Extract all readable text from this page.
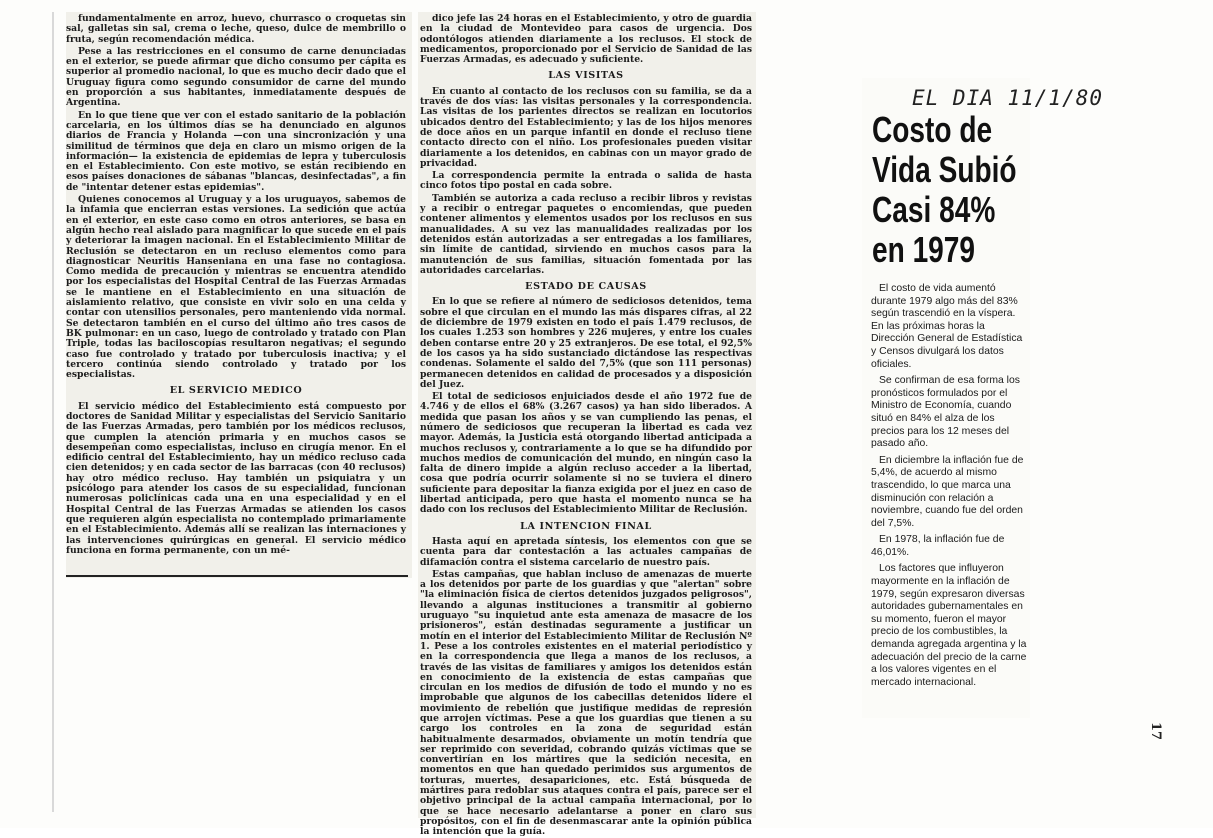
fundamentalmente en arroz, huevo, churrasco o croquetas sin sal, galletas sin sal, crema o leche, queso, dulce de membrillo o fruta, según recomendación médica.

Pese a las restricciones en el consumo de carne denunciadas en el exterior, se puede afirmar que dicho consumo per cápita es superior al promedio nacional, lo que es mucho decir dado que el Uruguay figura como segundo consumidor de carne del mundo en proporción a sus habitantes, inmediatamente después de Argentina.

En lo que tiene que ver con el estado sanitario de la población carcelaria, en los últimos días se ha denunciado en algunos diarios de Francia y Holanda —con una sincronización y una similitud de términos que deja en claro un mismo origen de la información— la existencia de epidemias de lepra y tuberculosis en el Establecimiento. Con este motivo, se están recibiendo en esos países donaciones de sábanas "blancas, desinfectadas", a fin de "intentar detener estas epidemias".

Quienes conocemos al Uruguay y a los uruguayos, sabemos de la infamia que encierran estas versiones. La sedición que actúa en el exterior, en este caso como en otros anteriores, se basa en algún hecho real aislado para magnificar lo que sucede en el país y deteriorar la imagen nacional. En el Establecimiento Militar de Reclusión se detectaron en un recluso elementos como para diagnosticar Neuritis Hanseniana en una fase no contagiosa. Como medida de precaución y mientras se encuentra atendido por los especialistas del Hospital Central de las Fuerzas Armadas se le mantiene en el Establecimiento en una situación de aislamiento relativo, que consiste en vivir solo en una celda y contar con utensilios personales, pero manteniendo vida normal. Se detectaron también en el curso del último año tres casos de BK pulmonar: en un caso, luego de controlado y tratado con Plan Triple, todas las baciloscopías resultaron negativas; el segundo caso fue controlado y tratado por tuberculosis inactiva; y el tercero continúa siendo controlado y tratado por los especialistas.

EL SERVICIO MEDICO

El servicio médico del Establecimiento está compuesto por doctores de Sanidad Militar y especialistas del Servicio Sanitario de las Fuerzas Armadas, pero también por los médicos reclusos, que cumplen la atención primaria y en muchos casos se desempeñan como especialistas, incluso en cirugía menor. En el edificio central del Establecimiento, hay un médico recluso cada cien detenidos; y en cada sector de las barracas (con 40 reclusos) hay otro médico recluso. Hay también un psiquiatra y un psicólogo para atender los casos de su especialidad, funcionan numerosas policlínicas cada una en una especialidad y en el Hospital Central de las Fuerzas Armadas se atienden los casos que requieren algún especialista no contemplado primariamente en el Establecimiento. Además allí se realizan las internaciones y las intervenciones quirúrgicas en general. El servicio médico funciona en forma permanente, con un mé-

dico jefe las 24 horas en el Establecimiento, y otro de guardia en la ciudad de Montevideo para casos de urgencia. Dos odontólogos atienden diariamente a los reclusos. El stock de medicamentos, proporcionado por el Servicio de Sanidad de las Fuerzas Armadas, es adecuado y suficiente.

LAS VISITAS

En cuanto al contacto de los reclusos con su familia, se da a través de dos vías: las visitas personales y la correspondencia. Las visitas de los parientes directos se realizan en locutorios ubicados dentro del Establecimiento; y las de los hijos menores de doce años en un parque infantil en donde el recluso tiene contacto directo con el niño. Los profesionales pueden visitar diariamente a los detenidos, en cabinas con un mayor grado de privacidad.

La correspondencia permite la entrada o salida de hasta cinco fotos tipo postal en cada sobre.

También se autoriza a cada recluso a recibir libros y revistas y a recibir o entregar paquetes o encomiendas, que pueden contener alimentos y elementos usados por los reclusos en sus manualidades. A su vez las manualidades realizadas por los detenidos están autorizadas a ser entregadas a los familiares, sin límite de cantidad, sirviendo en muchos casos para la manutención de sus familias, situación fomentada por las autoridades carcelarias.

ESTADO DE CAUSAS

En lo que se refiere al número de sediciosos detenidos, tema sobre el que circulan en el mundo las más dispares cifras, al 22 de diciembre de 1979 existen en todo el país 1.479 reclusos, de los cuales 1.253 son hombres y 226 mujeres, y entre los cuales deben contarse entre 20 y 25 extranjeros. De ese total, el 92,5% de los casos ya ha sido sustanciado dictándose las respectivas condenas. Solamente el saldo del 7,5% (que son 111 personas) permanecen detenidos en calidad de procesados y a disposición del Juez.

El total de sediciosos enjuiciados desde el año 1972 fue de 4.746 y de ellos el 68% (3.267 casos) ya han sido liberados. A medida que pasan los años y se van cumpliendo las penas, el número de sediciosos que recuperan la libertad es cada vez mayor. Además, la Justicia está otorgando libertad anticipada a muchos reclusos y, contrariamente a lo que se ha difundido por muchos medios de comunicación del mundo, en ningún caso la falta de dinero impide a algún recluso acceder a la libertad, cosa que podría ocurrir solamente si no se tuviera el dinero suficiente para depositar la fianza exigida por el juez en caso de libertad anticipada, pero que hasta el momento nunca se ha dado con los reclusos del Establecimiento Militar de Reclusión.

LA INTENCION FINAL

Hasta aquí en apretada síntesis, los elementos con que se cuenta para dar contestación a las actuales campañas de difamación contra el sistema carcelario de nuestro país.

Estas campañas, que hablan incluso de amenazas de muerte a los detenidos por parte de los guardias y que "alertan" sobre "la eliminación física de ciertos detenidos juzgados peligrosos", llevando a algunas instituciones a transmitir al gobierno uruguayo "su inquietud ante esta amenaza de masacre de los prisioneros", están destinadas seguramente a justificar un motín en el interior del Establecimiento Militar de Reclusión Nº 1. Pese a los controles existentes en el material periodístico y en la correspondencia que llega a manos de los reclusos, a través de las visitas de familiares y amigos los detenidos están en conocimiento de la existencia de estas campañas que circulan en los medios de difusión de todo el mundo y no es improbable que algunos de los cabecillas detenidos lidere el movimiento de rebelión que justifique medidas de represión que arrojen víctimas. Pese a que los guardias que tienen a su cargo los controles en la zona de seguridad están habitualmente desarmados, obviamente un motín tendría que ser reprimido con severidad, cobrando quizás víctimas que se convertirían en los mártires que la sedición necesita, en momentos en que han quedado perimidos sus argumentos de torturas, muertes, desapariciones, etc. Está búsqueda de mártires para redoblar sus ataques contra el país, parece ser el objetivo principal de la actual campaña internacional, por lo que se hace necesario adelantarse a poner en claro sus propósitos, con el fin de desenmascarar ante la opinión pública la intención que la guía.

EL DIA 11/1/80
Costo de
Vida Subió
Casi 84%
en 1979

El costo de vida aumentó durante 1979 algo más del 83% según trascendió en la víspera. En las próximas horas la Dirección General de Estadística y Censos divulgará los datos oficiales.

Se confirman de esa forma los pronósticos formulados por el Ministro de Economía, cuando situó en 84% el alza de los precios para los 12 meses del pasado año.

En diciembre la inflación fue de 5,4%, de acuerdo al mismo trascendido, lo que marca una disminución con relación a noviembre, cuando fue del orden del 7,5%.

En 1978, la inflación fue de 46,01%.

Los factores que influyeron mayormente en la inflación de 1979, según expresaron diversas autoridades gubernamentales en su momento, fueron el mayor precio de los combustibles, la demanda agregada argentina y la adecuación del precio de la carne a los valores vigentes en el mercado internacional.

17
